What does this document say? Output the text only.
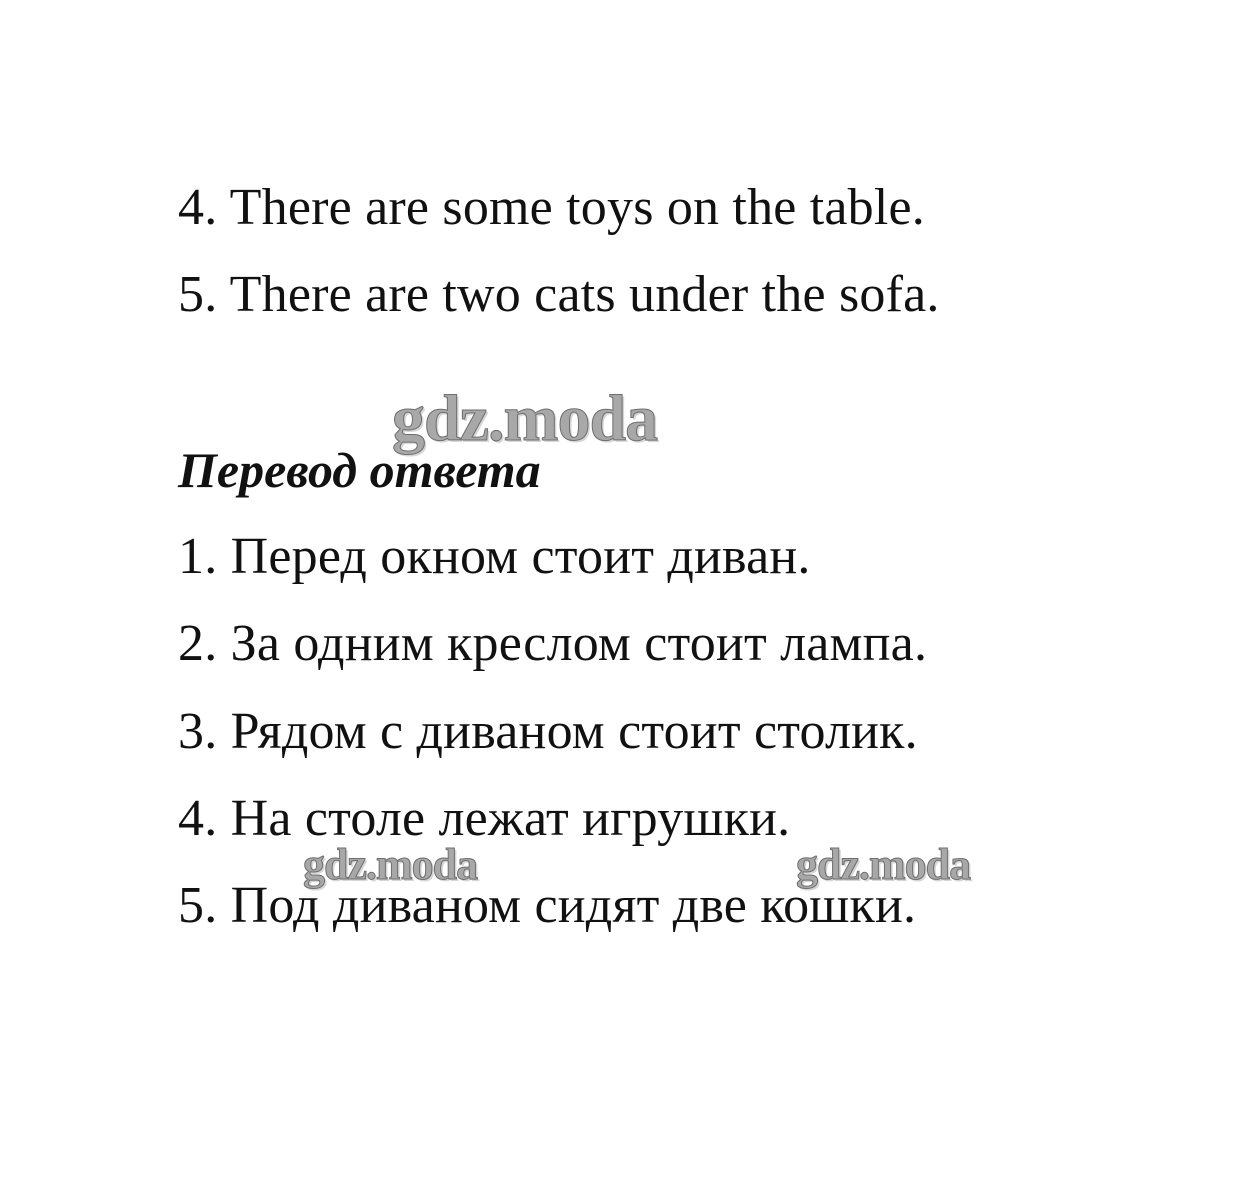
4. There are some toys on the table.
5. There are two cats under the sofa.
Перевод ответа
1. Перед окном стоит диван.
2. За одним креслом стоит лампа.
3. Рядом с диваном стоит столик.
4. На столе лежат игрушки.
5. Под диваном сидят две кошки.
gdz.moda
gdz.moda	gdz.moda
